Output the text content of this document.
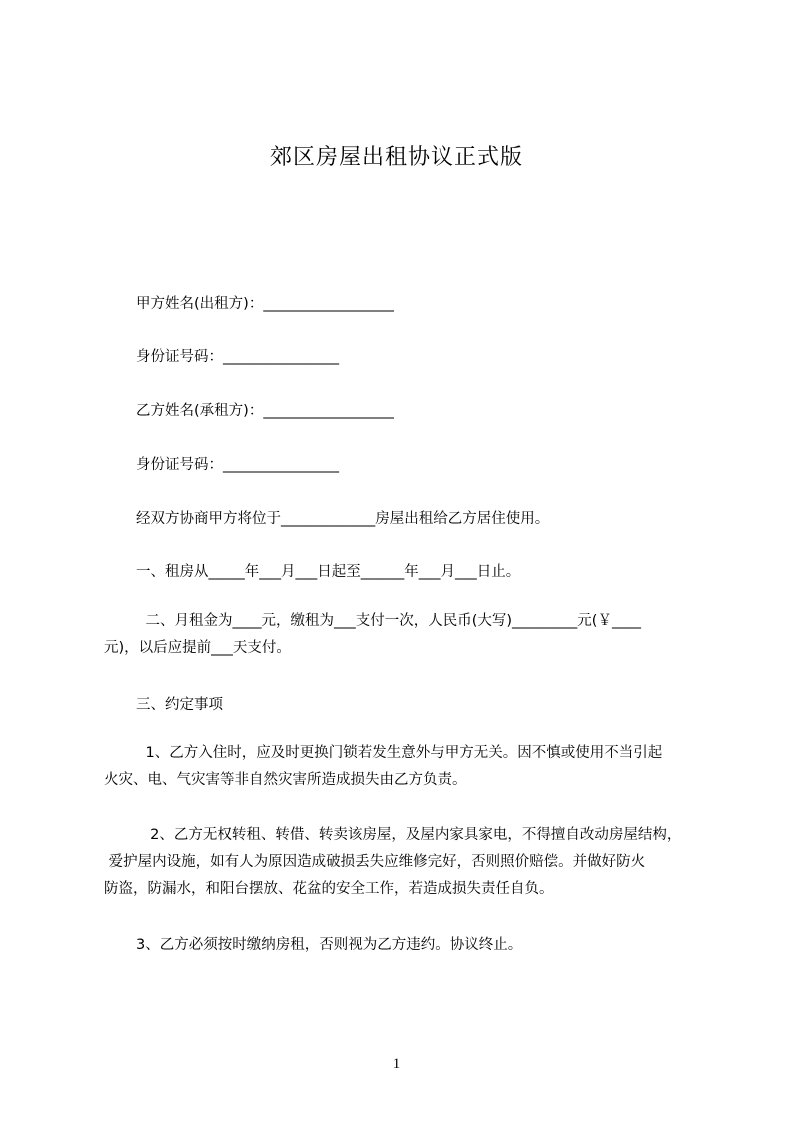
郊区房屋出租协议正式版
甲方姓名(出租方)：__________________
身份证号码：________________
乙方姓名(承租方)：__________________
身份证号码：________________
经双方协商甲方将位于_____________房屋出租给乙方居住使用。
一、租房从_____年___月___日起至______年___月___日止。
二、月租金为____元，缴租为___支付一次，人民币(大写)_________元(￥____
元)，以后应提前___天支付。
三、约定事项
1、乙方入住时，应及时更换门锁若发生意外与甲方无关。因不慎或使用不当引起
火灾、电、气灾害等非自然灾害所造成损失由乙方负责。
2、乙方无权转租、转借、转卖该房屋，及屋内家具家电，不得擅自改动房屋结构，
爱护屋内设施，如有人为原因造成破损丢失应维修完好，否则照价赔偿。并做好防火
防盗，防漏水，和阳台摆放、花盆的安全工作，若造成损失责任自负。
3、乙方必须按时缴纳房租，否则视为乙方违约。协议终止。
1
